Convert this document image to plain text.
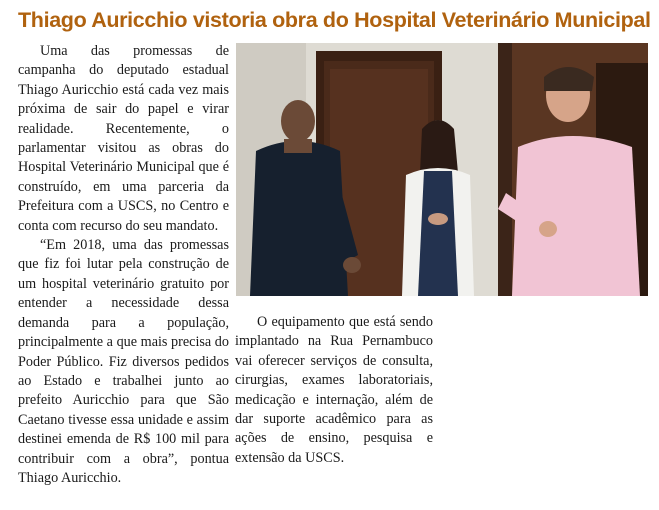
Thiago Auricchio vistoria obra do Hospital Veterinário Municipal

Uma das promessas de campanha do deputado estadual Thiago Auricchio está cada vez mais próxima de sair do papel e virar realidade. Recentemente, o parlamentar visitou as obras do Hospital Veterinário Municipal que é construído, em uma parceria da Prefeitura com a USCS, no Centro e conta com recurso do seu mandato.

“Em 2018, uma das promessas que fiz foi lutar pela construção de um hospital veterinário gratuito por entender a necessidade dessa demanda para a população, principalmente a que mais precisa do Poder Público. Fiz diversos pedidos ao Estado e trabalhei junto ao prefeito Auricchio para que São Caetano tivesse essa unidade e assim destinei emenda de R$ 100 mil para contribuir com a obra”, pontua Thiago Auricchio.

O equipamento que está sendo implantado na Rua Pernambuco vai oferecer serviços de consulta, cirurgias, exames laboratoriais, medicação e internação, além de dar suporte acadêmico para as ações de ensino, pesquisa e extensão da USCS.
